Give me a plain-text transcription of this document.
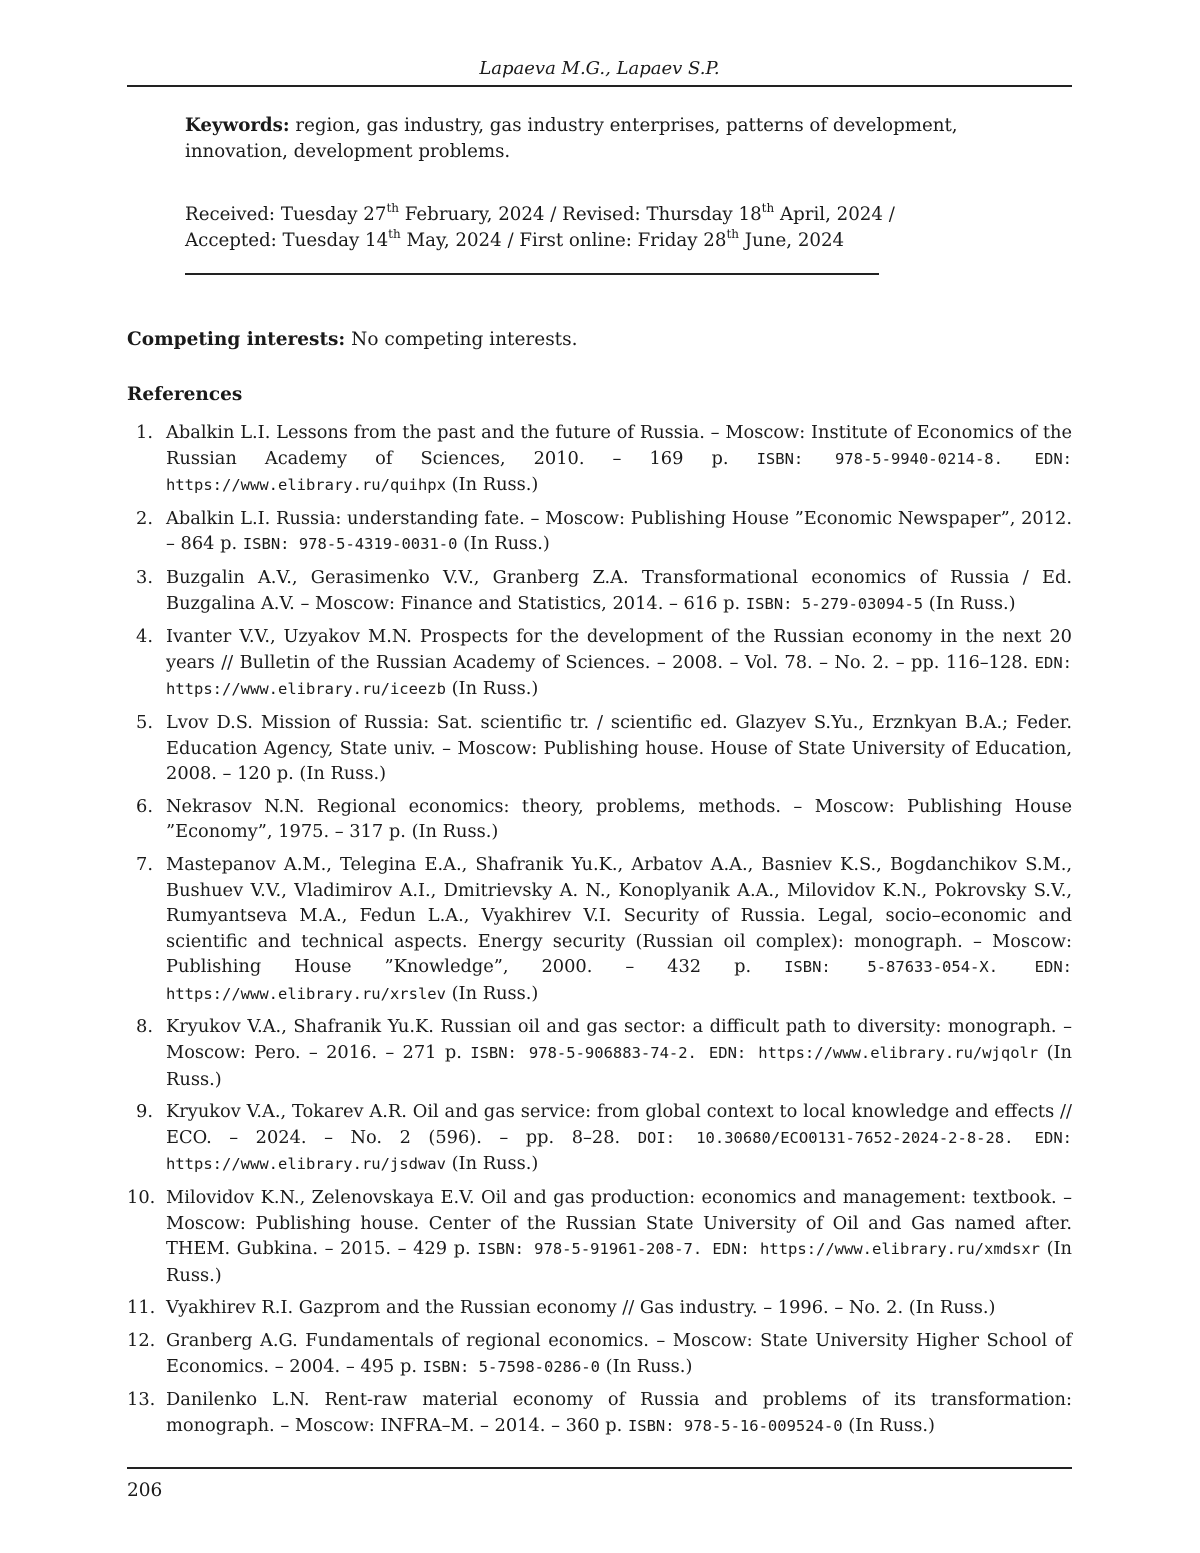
Lapaeva M.G., Lapaev S.P.
Keywords: region, gas industry, gas industry enterprises, patterns of development, innovation, development problems.
Received: Tuesday 27th February, 2024 / Revised: Thursday 18th April, 2024 /
Accepted: Tuesday 14th May, 2024 / First online: Friday 28th June, 2024
Competing interests: No competing interests.
References
1. Abalkin L.I. Lessons from the past and the future of Russia. – Moscow: Institute of Economics of the Russian Academy of Sciences, 2010. – 169 p. ISBN: 978-5-9940-0214-8. EDN: https://www.elibrary.ru/quihpx (In Russ.)
2. Abalkin L.I. Russia: understanding fate. – Moscow: Publishing House ”Economic Newspaper”, 2012. – 864 p. ISBN: 978-5-4319-0031-0 (In Russ.)
3. Buzgalin A.V., Gerasimenko V.V., Granberg Z.A. Transformational economics of Russia / Ed. Buzgalina A.V. – Moscow: Finance and Statistics, 2014. – 616 p. ISBN: 5-279-03094-5 (In Russ.)
4. Ivanter V.V., Uzyakov M.N. Prospects for the development of the Russian economy in the next 20 years // Bulletin of the Russian Academy of Sciences. – 2008. – Vol. 78. – No. 2. – pp. 116–128. EDN: https://www.elibrary.ru/iceezb (In Russ.)
5. Lvov D.S. Mission of Russia: Sat. scientific tr. / scientific ed. Glazyev S.Yu., Erznkyan B.A.; Feder. Education Agency, State univ. – Moscow: Publishing house. House of State University of Education, 2008. – 120 p. (In Russ.)
6. Nekrasov N.N. Regional economics: theory, problems, methods. – Moscow: Publishing House ”Economy”, 1975. – 317 p. (In Russ.)
7. Mastepanov A.M., Telegina E.A., Shafranik Yu.K., Arbatov A.A., Basniev K.S., Bogdanchikov S.M., Bushuev V.V., Vladimirov A.I., Dmitrievsky A. N., Konoplyanik A.A., Milovidov K.N., Pokrovsky S.V., Rumyantseva M.A., Fedun L.A., Vyakhirev V.I. Security of Russia. Legal, socio–economic and scientific and technical aspects. Energy security (Russian oil complex): monograph. – Moscow: Publishing House ”Knowledge”, 2000. – 432 p. ISBN: 5-87633-054-X. EDN: https://www.elibrary.ru/xrslev (In Russ.)
8. Kryukov V.A., Shafranik Yu.K. Russian oil and gas sector: a difficult path to diversity: monograph. – Moscow: Pero. – 2016. – 271 p. ISBN: 978-5-906883-74-2. EDN: https://www.elibrary.ru/wjqolr (In Russ.)
9. Kryukov V.A., Tokarev A.R. Oil and gas service: from global context to local knowledge and effects // ECO. – 2024. – No. 2 (596). – pp. 8–28. DOI: 10.30680/ECO0131-7652-2024-2-8-28. EDN: https://www.elibrary.ru/jsdwav (In Russ.)
10. Milovidov K.N., Zelenovskaya E.V. Oil and gas production: economics and management: textbook. – Moscow: Publishing house. Center of the Russian State University of Oil and Gas named after. THEM. Gubkina. – 2015. – 429 p. ISBN: 978-5-91961-208-7. EDN: https://www.elibrary.ru/xmdsxr (In Russ.)
11. Vyakhirev R.I. Gazprom and the Russian economy // Gas industry. – 1996. – No. 2. (In Russ.)
12. Granberg A.G. Fundamentals of regional economics. – Moscow: State University Higher School of Economics. – 2004. – 495 p. ISBN: 5-7598-0286-0 (In Russ.)
13. Danilenko L.N. Rent-raw material economy of Russia and problems of its transformation: monograph. – Moscow: INFRA–M. – 2014. – 360 p. ISBN: 978-5-16-009524-0 (In Russ.)
206
